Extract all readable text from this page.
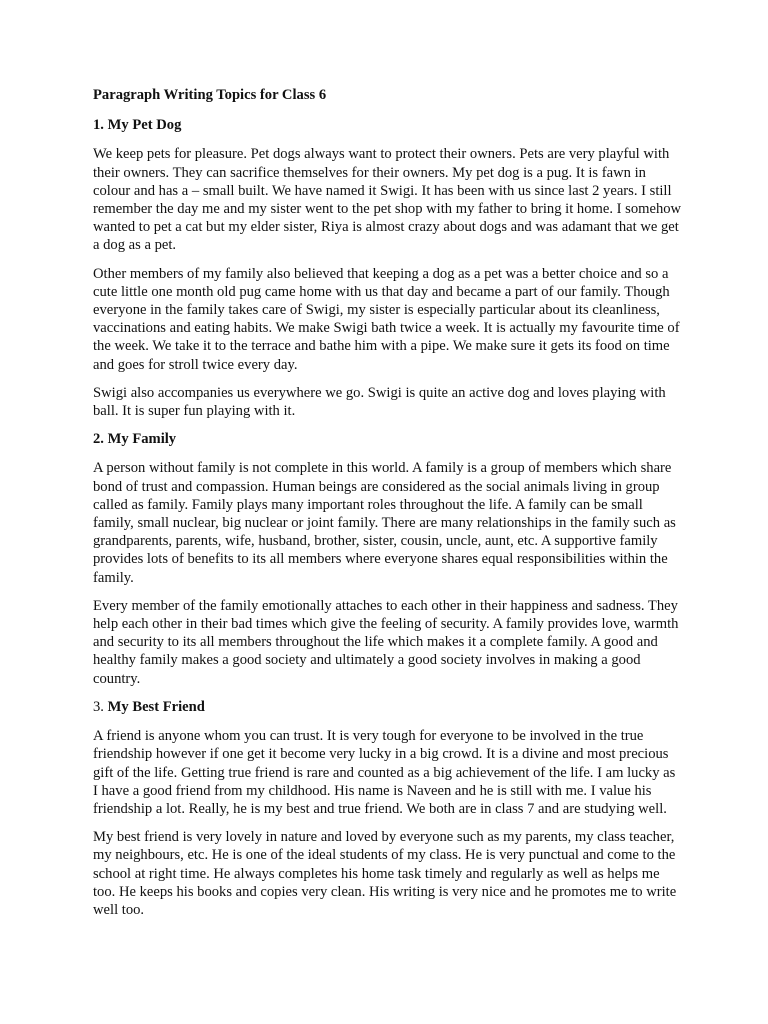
Paragraph Writing Topics for Class 6
1. My Pet Dog

We keep pets for pleasure. Pet dogs always want to protect their owners. Pets are very playful with their owners. They can sacrifice themselves for their owners. My pet dog is a pug. It is fawn in colour and has a – small built. We have named it Swigi. It has been with us since last 2 years. I still remember the day me and my sister went to the pet shop with my father to bring it home. I somehow wanted to pet a cat but my elder sister, Riya is almost crazy about dogs and was adamant that we get a dog as a pet.

Other members of my family also believed that keeping a dog as a pet was a better choice and so a cute little one month old pug came home with us that day and became a part of our family. Though everyone in the family takes care of Swigi, my sister is especially particular about its cleanliness, vaccinations and eating habits. We make Swigi bath twice a week. It is actually my favourite time of the week. We take it to the terrace and bathe him with a pipe. We make sure it gets its food on time and goes for stroll twice every day.

Swigi also accompanies us everywhere we go. Swigi is quite an active dog and loves playing with ball. It is super fun playing with it.

2. My Family

A person without family is not complete in this world. A family is a group of members which share bond of trust and compassion. Human beings are considered as the social animals living in group called as family. Family plays many important roles throughout the life. A family can be small family, small nuclear, big nuclear or joint family. There are many relationships in the family such as grandparents, parents, wife, husband, brother, sister, cousin, uncle, aunt, etc. A supportive family provides lots of benefits to its all members where everyone shares equal responsibilities within the family.

Every member of the family emotionally attaches to each other in their happiness and sadness. They help each other in their bad times which give the feeling of security. A family provides love, warmth and security to its all members throughout the life which makes it a complete family. A good and healthy family makes a good society and ultimately a good society involves in making a good country.

3. My Best Friend

A friend is anyone whom you can trust. It is very tough for everyone to be involved in the true friendship however if one get it become very lucky in a big crowd. It is a divine and most precious gift of the life. Getting true friend is rare and counted as a big achievement of the life. I am lucky as I have a good friend from my childhood. His name is Naveen and he is still with me. I value his friendship a lot. Really, he is my best and true friend. We both are in class 7 and are studying well.

My best friend is very lovely in nature and loved by everyone such as my parents, my class teacher, my neighbours, etc. He is one of the ideal students of my class. He is very punctual and come to the school at right time. He always completes his home task timely and regularly as well as helps me too. He keeps his books and copies very clean. His writing is very nice and he promotes me to write well too.
